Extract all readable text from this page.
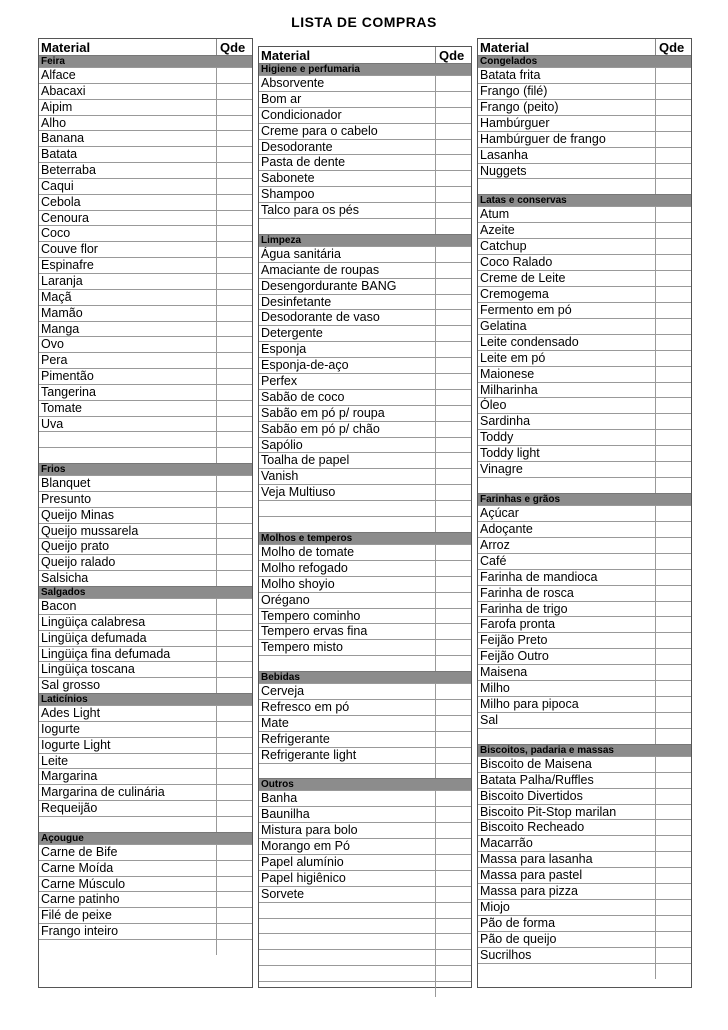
LISTA DE COMPRAS
Material	Qde
Feira
Alface
Abacaxi
Aipim
Alho
Banana
Batata
Beterraba
Caqui
Cebola
Cenoura
Coco
Couve flor
Espinafre
Laranja
Maçã
Mamão
Manga
Ovo
Pera
Pimentão
Tangerina
Tomate
Uva
Frios
Blanquet
Presunto
Queijo Minas
Queijo mussarela
Queijo prato
Queijo ralado
Salsicha
Salgados
Bacon
Lingüiça calabresa
Lingüiça defumada
Lingüiça fina defumada
Lingüiça toscana
Sal grosso
Laticínios
Ades Light
Iogurte
Iogurte Light
Leite
Margarina
Margarina de culinária
Requeijão
Açougue
Carne de Bife
Carne Moída
Carne Músculo
Carne patinho
Filé de peixe
Frango inteiro
Material	Qde
Higiene e perfumaria
Absorvente
Bom ar
Condicionador
Creme para o cabelo
Desodorante
Pasta de dente
Sabonete
Shampoo
Talco para os pés
Limpeza
Água sanitária
Amaciante de roupas
Desengordurante BANG
Desinfetante
Desodorante de vaso
Detergente
Esponja
Esponja-de-aço
Perfex
Sabão de coco
Sabão em pó p/ roupa
Sabão em pó p/ chão
Sapólio
Toalha de papel
Vanish
Veja Multiuso
Molhos e temperos
Molho de tomate
Molho refogado
Molho shoyio
Orégano
Tempero cominho
Tempero ervas fina
Tempero misto
Bebidas
Cerveja
Refresco em pó
Mate
Refrigerante
Refrigerante light
Outros
Banha
Baunilha
Mistura para bolo
Morango em Pó
Papel alumínio
Papel higiênico
Sorvete
Material	Qde
Congelados
Batata frita
Frango (filé)
Frango (peito)
Hambúrguer
Hambúrguer de frango
Lasanha
Nuggets
Latas e conservas
Atum
Azeite
Catchup
Coco Ralado
Creme de Leite
Cremogema
Fermento em pó
Gelatina
Leite condensado
Leite em pó
Maionese
Milharinha
Óleo
Sardinha
Toddy
Toddy light
Vinagre
Farinhas e grãos
Açúcar
Adoçante
Arroz
Café
Farinha de mandioca
Farinha de rosca
Farinha de trigo
Farofa pronta
Feijão Preto
Feijão Outro
Maisena
Milho
Milho para pipoca
Sal
Biscoitos, padaria e massas
Biscoito de Maisena
Batata Palha/Ruffles
Biscoito Divertidos
Biscoito Pit-Stop marilan
Biscoito Recheado
Macarrão
Massa para lasanha
Massa para pastel
Massa para pizza
Miojo
Pão de forma
Pão de queijo
Sucrilhos
